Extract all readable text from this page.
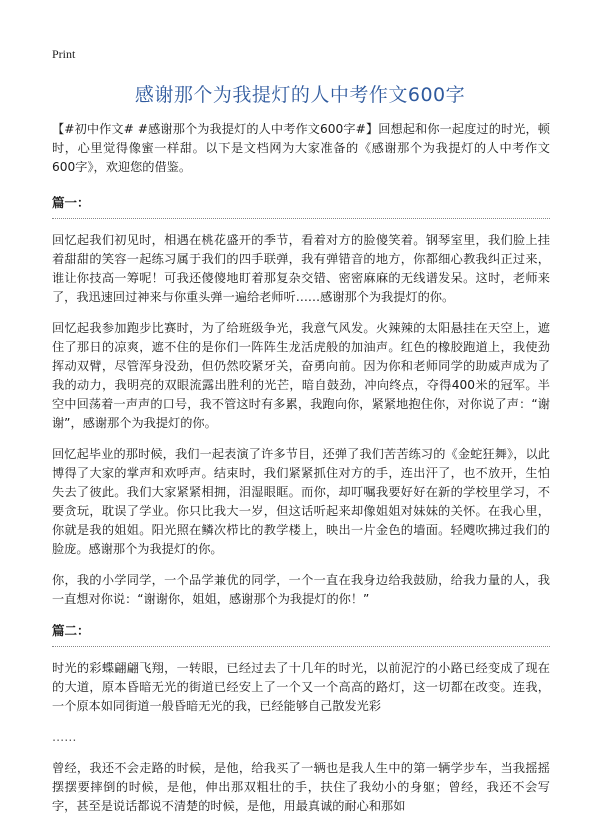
Print
感谢那个为我提灯的人中考作文600字

【#初中作文# #感谢那个为我提灯的人中考作文600字#】回想起和你一起度过的时光，顿时，心里觉得像蜜一样甜。以下是文档网为大家准备的《感谢那个为我提灯的人中考作文600字》，欢迎您的借鉴。

篇一：

回忆起我们初见时，相遇在桃花盛开的季节，看着对方的脸傻笑着。钢琴室里，我们脸上挂着甜甜的笑容一起练习属于我们的四手联弹，我有弹错音的地方，你都细心教我纠正过来，谁让你技高一筹呢！可我还傻傻地盯着那复杂交错、密密麻麻的无线谱发呆。这时，老师来了，我迅速回过神来与你重头弹一遍给老师听……感谢那个为我提灯的你。

回忆起我参加跑步比赛时，为了给班级争光，我意气风发。火辣辣的太阳悬挂在天空上，遮住了那日的凉爽，遮不住的是你们一阵阵生龙活虎般的加油声。红色的橡胶跑道上，我使劲挥动双臂，尽管浑身没劲，但仍然咬紧牙关，奋勇向前。因为你和老师同学的助威声成为了我的动力，我明亮的双眼流露出胜利的光芒，暗自鼓劲，冲向终点，夺得400米的冠军。半空中回荡着一声声的口号，我不管这时有多累，我跑向你，紧紧地抱住你，对你说了声：“谢谢”，感谢那个为我提灯的你。

回忆起毕业的那时候，我们一起表演了许多节目，还弹了我们苦苦练习的《金蛇狂舞》，以此博得了大家的掌声和欢呼声。结束时，我们紧紧抓住对方的手，连出汗了，也不放开，生怕失去了彼此。我们大家紧紧相拥，泪湿眼眶。而你，却叮嘱我要好好在新的学校里学习，不要贪玩，耽误了学业。你只比我大一岁，但这话听起来却像姐姐对妹妹的关怀。在我心里，你就是我的姐姐。阳光照在鳞次栉比的教学楼上，映出一片金色的墙面。轻飕吹拂过我们的脸庞。感谢那个为我提灯的你。

你，我的小学同学，一个品学兼优的同学，一个一直在我身边给我鼓励，给我力量的人，我一直想对你说：“谢谢你，姐姐，感谢那个为我提灯的你！”

篇二：

时光的彩蝶翩翩飞翔，一转眼，已经过去了十几年的时光，以前泥泞的小路已经变成了现在的大道，原本昏暗无光的街道已经安上了一个又一个高高的路灯，这一切都在改变。连我，一个原本如同街道一般昏暗无光的我，已经能够自己散发光彩

……

曾经，我还不会走路的时候，是他，给我买了一辆也是我人生中的第一辆学步车，当我摇摇摆摆要摔倒的时候，是他，伸出那双粗壮的手，扶住了我幼小的身躯；曾经，我还不会写字，甚至是说话都说不清楚的时候，是他，用最真诚的耐心和那如
